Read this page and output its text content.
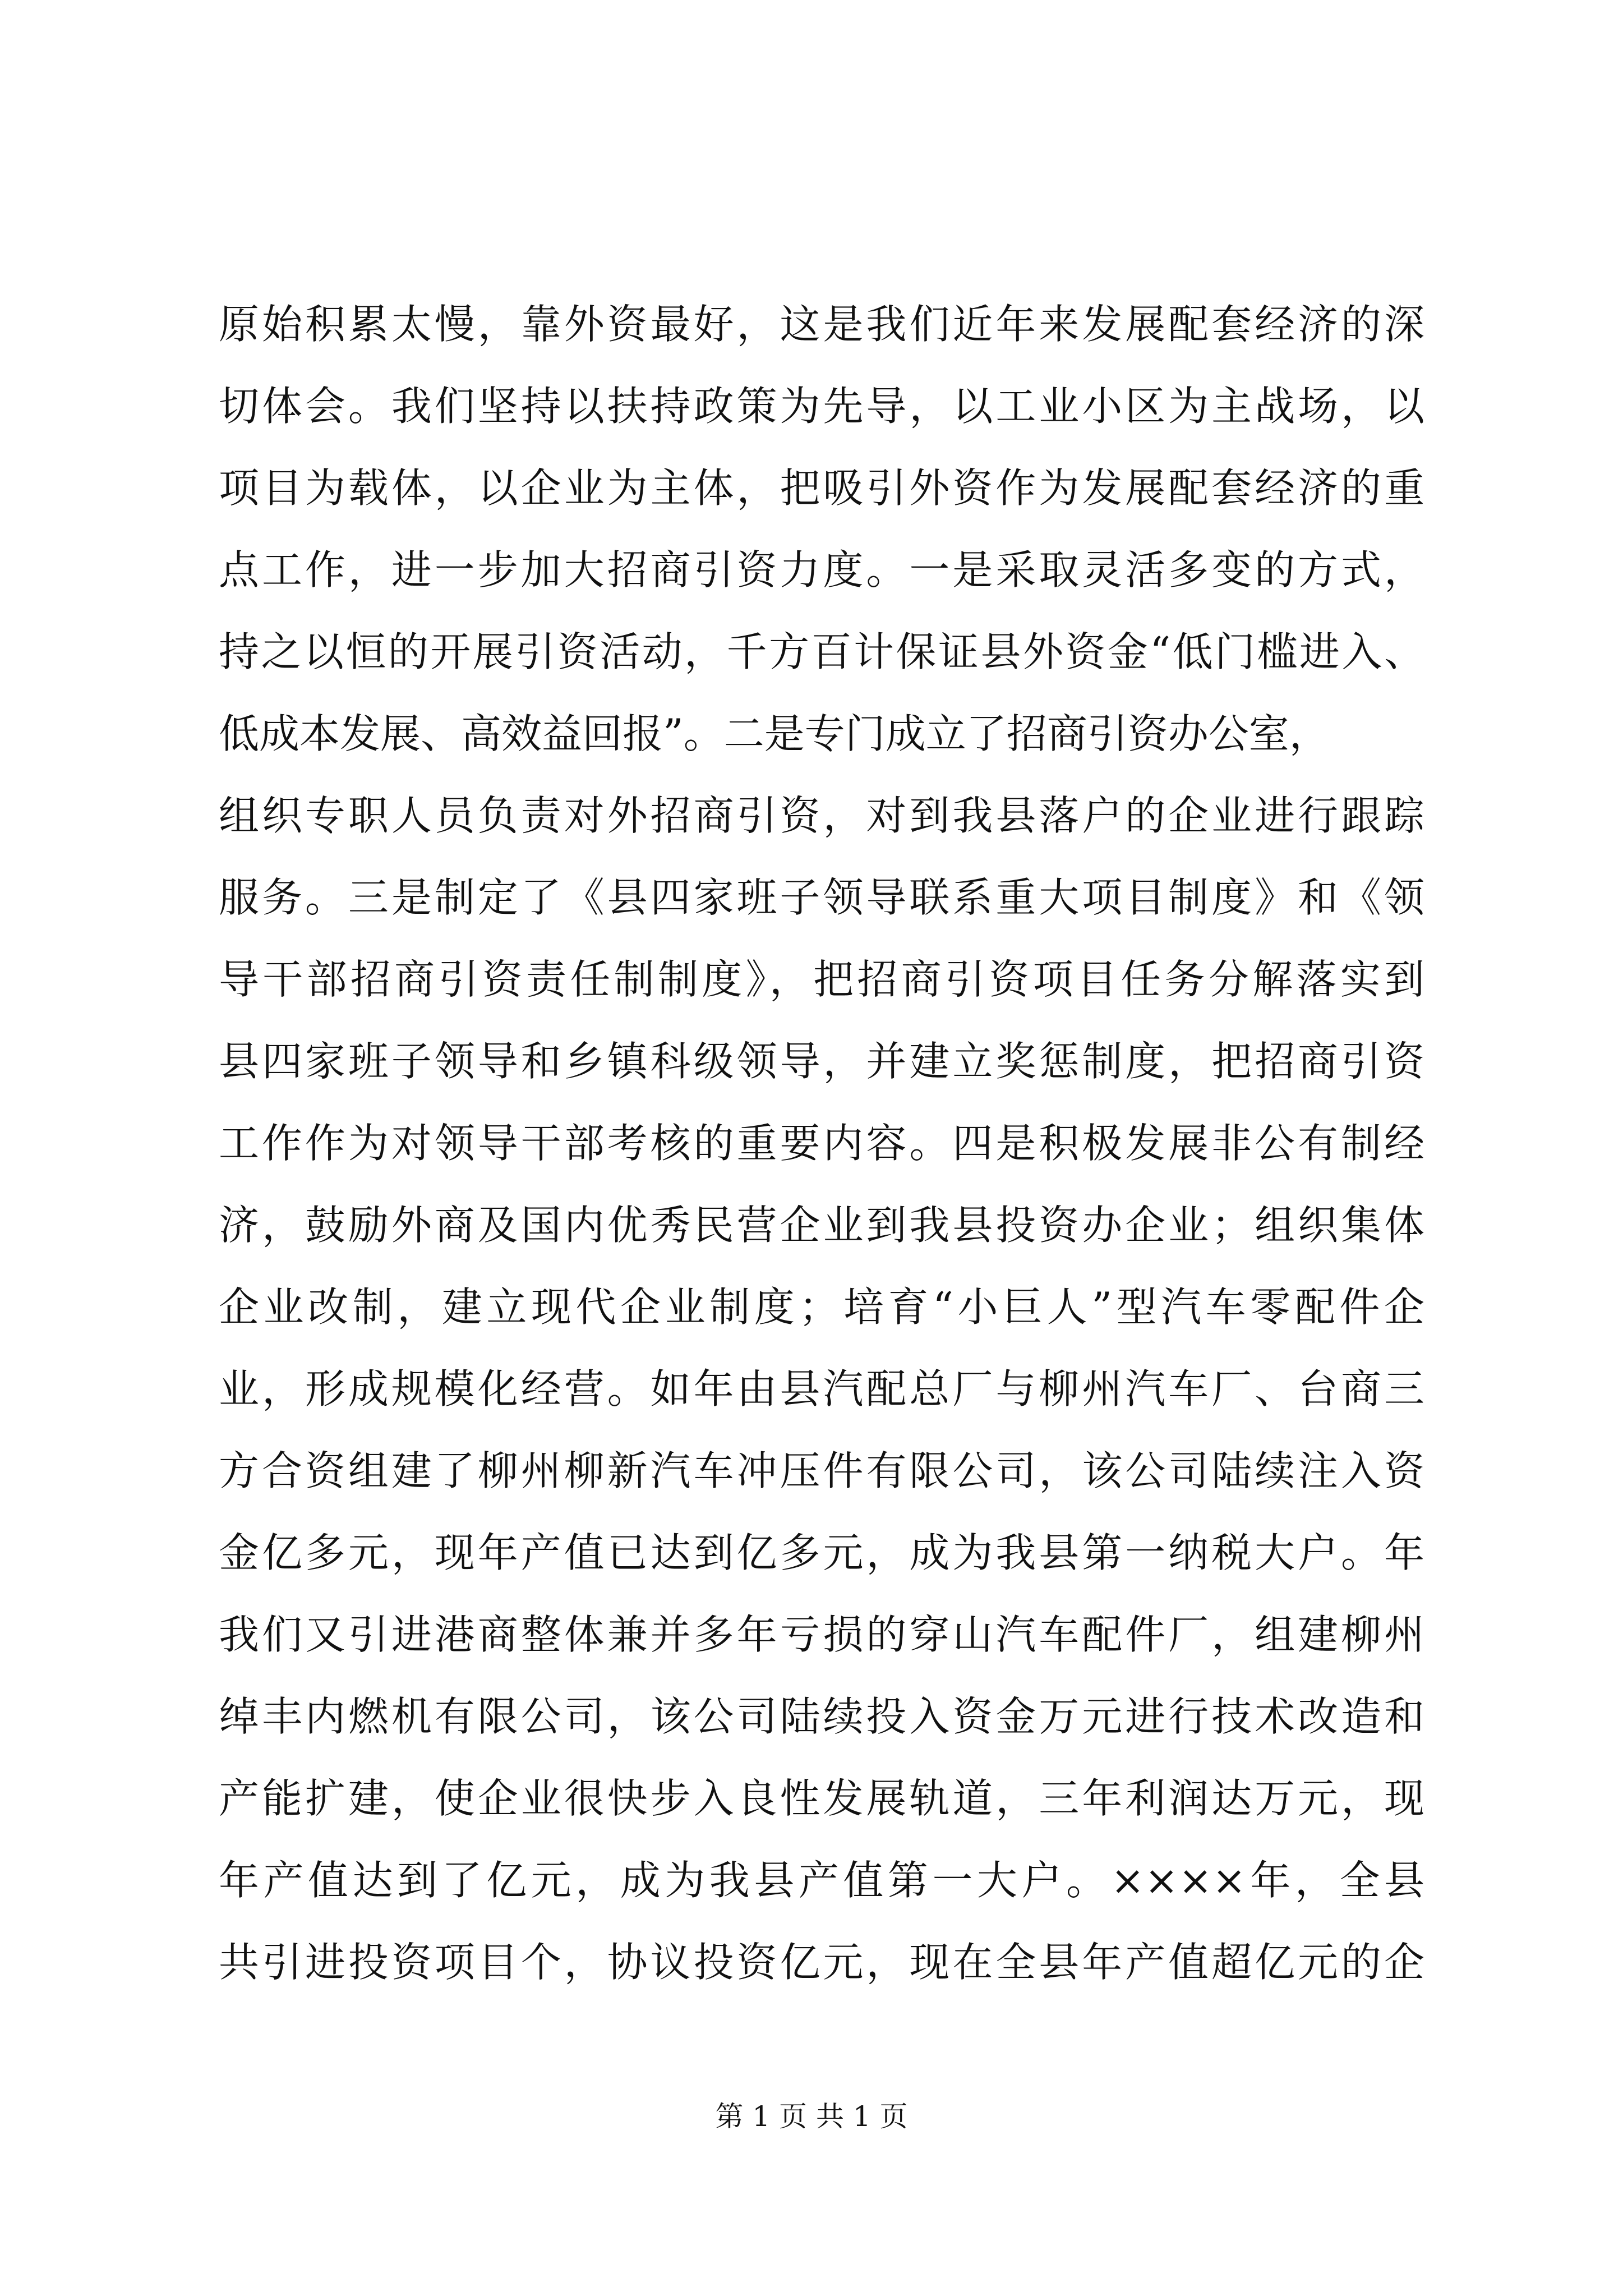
原始积累太慢，靠外资最好，这是我们近年来发展配套经济的深
切体会。我们坚持以扶持政策为先导，以工业小区为主战场，以
项目为载体，以企业为主体，把吸引外资作为发展配套经济的重
点工作，进一步加大招商引资力度。一是采取灵活多变的方式，
持之以恒的开展引资活动，千方百计保证县外资金“低门槛进入、
低成本发展、高效益回报”。二是专门成立了招商引资办公室，
组织专职人员负责对外招商引资，对到我县落户的企业进行跟踪
服务。三是制定了《县四家班子领导联系重大项目制度》和《领
导干部招商引资责任制制度》，把招商引资项目任务分解落实到
县四家班子领导和乡镇科级领导，并建立奖惩制度，把招商引资
工作作为对领导干部考核的重要内容。四是积极发展非公有制经
济，鼓励外商及国内优秀民营企业到我县投资办企业；组织集体
企业改制，建立现代企业制度；培育“小巨人”型汽车零配件企
业，形成规模化经营。如年由县汽配总厂与柳州汽车厂、台商三
方合资组建了柳州柳新汽车冲压件有限公司，该公司陆续注入资
金亿多元，现年产值已达到亿多元，成为我县第一纳税大户。年
我们又引进港商整体兼并多年亏损的穿山汽车配件厂，组建柳州
绰丰内燃机有限公司，该公司陆续投入资金万元进行技术改造和
产能扩建，使企业很快步入良性发展轨道，三年利润达万元，现
年产值达到了亿元，成为我县产值第一大户。××××年，全县
共引进投资项目个，协议投资亿元，现在全县年产值超亿元的企
第 1 页 共 1 页
